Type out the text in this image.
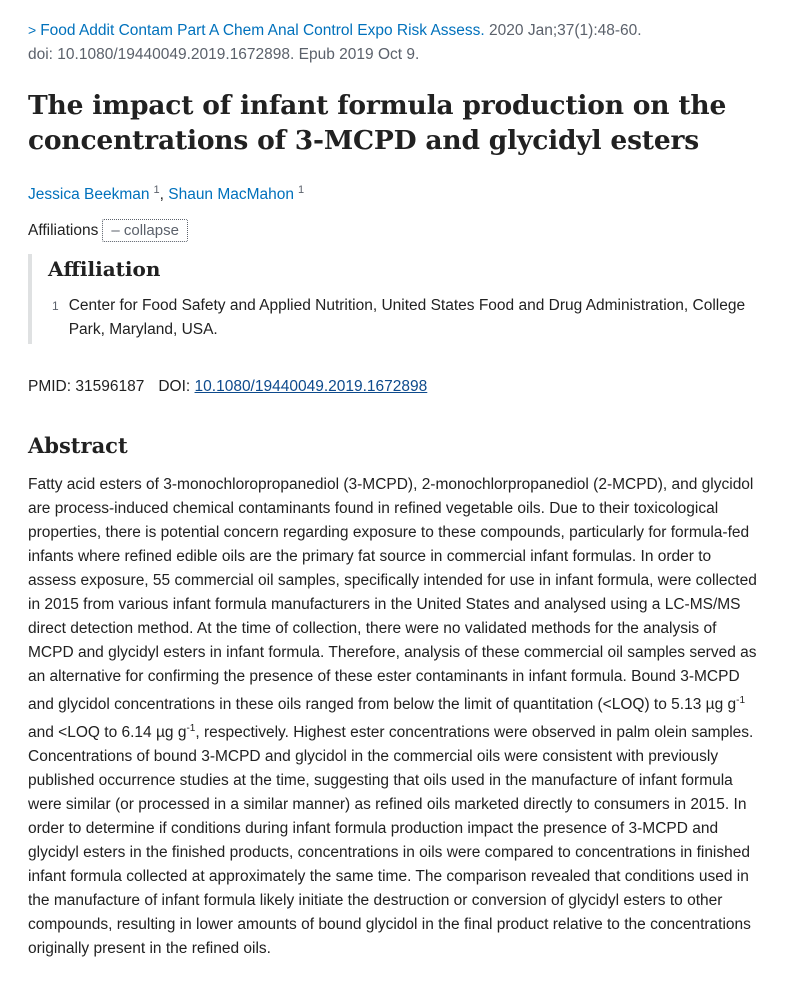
> Food Addit Contam Part A Chem Anal Control Expo Risk Assess. 2020 Jan;37(1):48-60.
doi: 10.1080/19440049.2019.1672898. Epub 2019 Oct 9.
The impact of infant formula production on the
concentrations of 3-MCPD and glycidyl esters
Jessica Beekman $^1$, Shaun MacMahon $^1$
Affiliations – collapse
Affiliation
1 Center for Food Safety and Applied Nutrition, United States Food and Drug Administration, College Park, Maryland, USA.
PMID: 31596187 DOI: 10.1080/19440049.2019.1672898
Abstract

Fatty acid esters of 3-monochloropropanediol (3-MCPD), 2-monochlorpropanediol (2-MCPD), and glycidol are process-induced chemical contaminants found in refined vegetable oils. Due to their toxicological properties, there is potential concern regarding exposure to these compounds, particularly for formula-fed infants where refined edible oils are the primary fat source in commercial infant formulas. In order to assess exposure, 55 commercial oil samples, specifically intended for use in infant formula, were collected in 2015 from various infant formula manufacturers in the United States and analysed using a LC-MS/MS direct detection method. At the time of collection, there were no validated methods for the analysis of MCPD and glycidyl esters in infant formula. Therefore, analysis of these commercial oil samples served as an alternative for confirming the presence of these ester contaminants in infant formula. Bound 3-MCPD and glycidol concentrations in these oils ranged from below the limit of quantitation (<LOQ) to 5.13 µg $g^{-1}$ and <LOQ to 6.14 µg $g^{-1}$, respectively. Highest ester concentrations were observed in palm olein samples. Concentrations of bound 3-MCPD and glycidol in the commercial oils were consistent with previously published occurrence studies at the time, suggesting that oils used in the manufacture of infant formula were similar (or processed in a similar manner) as refined oils marketed directly to consumers in 2015. In order to determine if conditions during infant formula production impact the presence of 3-MCPD and glycidyl esters in the finished products, concentrations in oils were compared to concentrations in finished infant formula collected at approximately the same time. The comparison revealed that conditions used in the manufacture of infant formula likely initiate the destruction or conversion of glycidyl esters to other compounds, resulting in lower amounts of bound glycidol in the final product relative to the concentrations originally present in the refined oils.
